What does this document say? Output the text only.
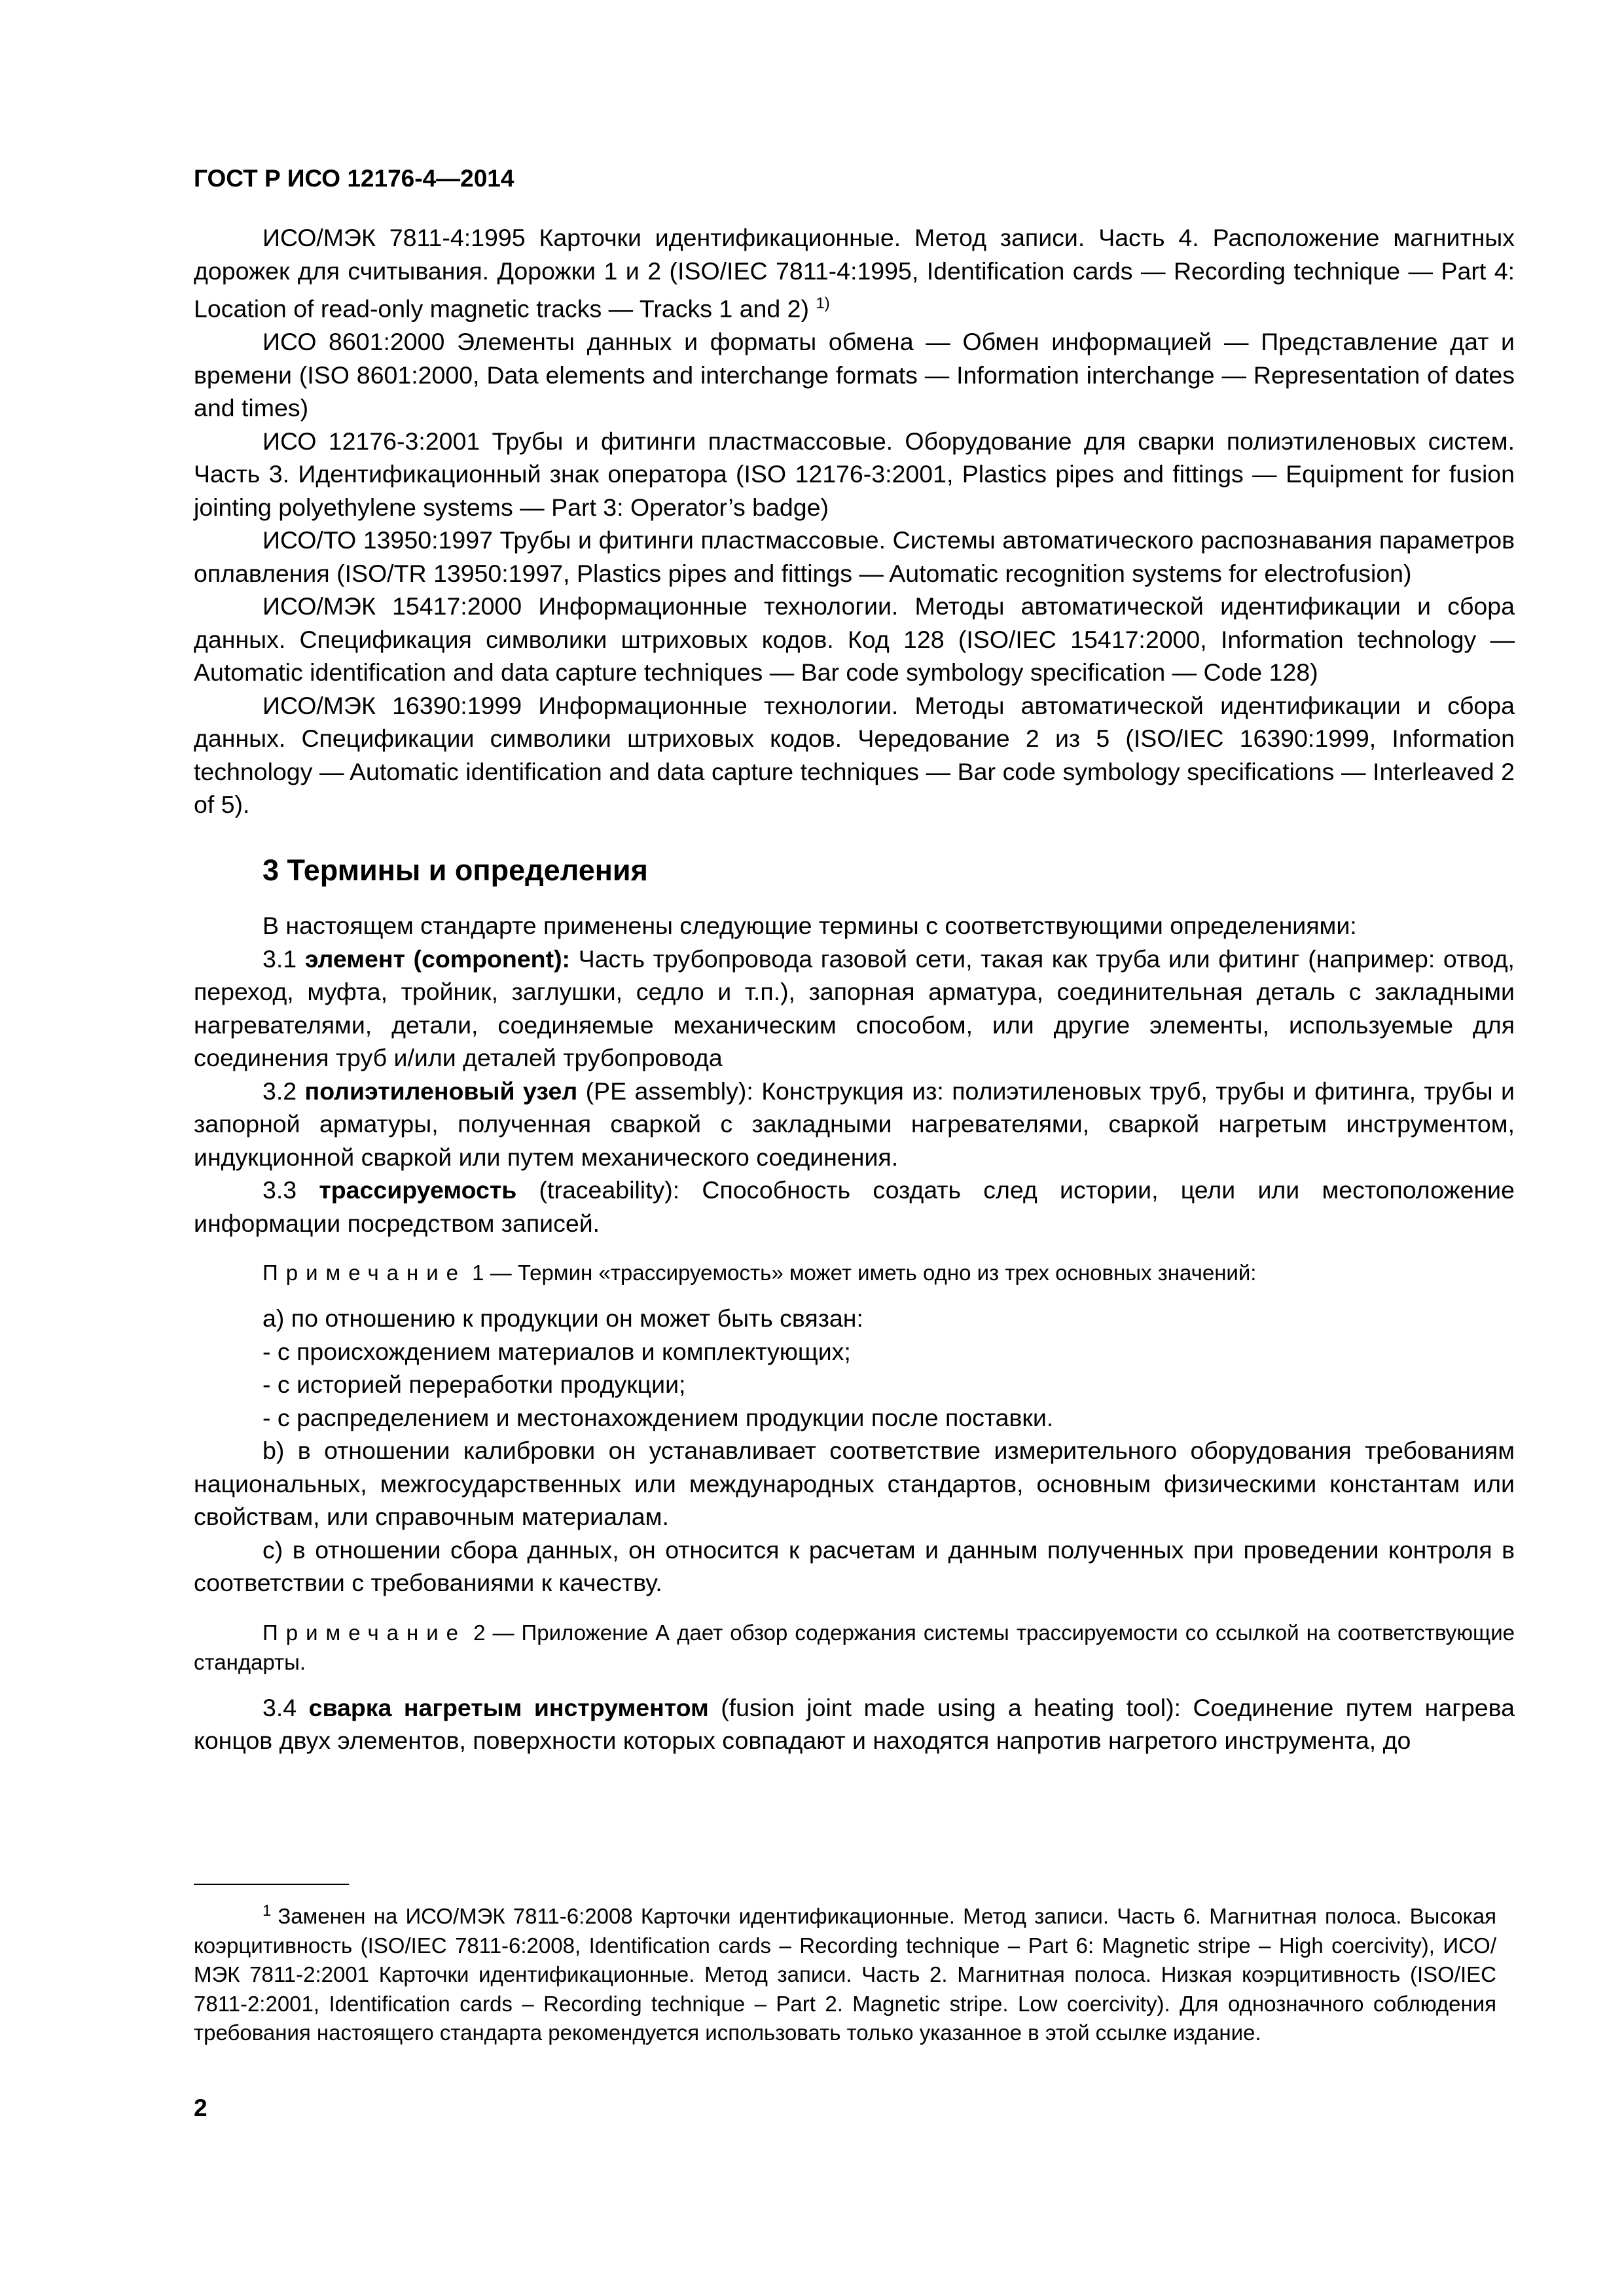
ГОСТ Р ИСО 12176-4—2014

ИСО/МЭК 7811-4:1995 Карточки идентификационные. Метод записи. Часть 4. Расположение магнитных дорожек для считывания. Дорожки 1 и 2 (ISO/IEC 7811-4:1995, Identification cards — Recording technique — Part 4: Location of read-only magnetic tracks — Tracks 1 and 2) $^{1)}$

ИСО 8601:2000 Элементы данных и форматы обмена — Обмен информацией — Представление дат и времени (ISO 8601:2000, Data elements and interchange formats — Information interchange — Representation of dates and times)

ИСО 12176-3:2001 Трубы и фитинги пластмассовые. Оборудование для сварки полиэтиленовых систем. Часть 3. Идентификационный знак оператора (ISO 12176-3:2001, Plastics pipes and fittings — Equipment for fusion jointing polyethylene systems — Part 3: Operator’s badge)

ИСО/ТО 13950:1997 Трубы и фитинги пластмассовые. Системы автоматического распознавания параметров оплавления (ISO/TR 13950:1997, Plastics pipes and fittings — Automatic recognition systems for electrofusion)

ИСО/МЭК 15417:2000 Информационные технологии. Методы автоматической идентификации и сбора данных. Спецификация символики штриховых кодов. Код 128 (ISO/IEC 15417:2000, Information technology — Automatic identification and data capture techniques — Bar code symbology specification — Code 128)

ИСО/МЭК 16390:1999 Информационные технологии. Методы автоматической идентификации и сбора данных. Спецификации символики штриховых кодов. Чередование 2 из 5 (ISO/IEC 16390:1999, Information technology — Automatic identification and data capture techniques — Bar code symbology specifications — Interleaved 2 of 5).

3 Термины и определения

В настоящем стандарте применены следующие термины с соответствующими определениями:

3.1 элемент (component): Часть трубопровода газовой сети, такая как труба или фитинг (например: отвод, переход, муфта, тройник, заглушки, седло и т.п.), запорная арматура, соединительная деталь с закладными нагревателями, детали, соединяемые механическим способом, или другие элементы, используемые для соединения труб и/или деталей трубопровода

3.2 полиэтиленовый узел (PE assembly): Конструкция из: полиэтиленовых труб, трубы и фитинга, трубы и запорной арматуры, полученная сваркой с закладными нагревателями, сваркой нагретым инструментом, индукционной сваркой или путем механического соединения.

3.3 трассируемость (traceability): Способность создать след истории, цели или местоположение информации посредством записей.

Примечание 1 — Термин «трассируемость» может иметь одно из трех основных значений:

а) по отношению к продукции он может быть связан:

- с происхождением материалов и комплектующих;

- с историей переработки продукции;

- с распределением и местонахождением продукции после поставки.

b) в отношении калибровки он устанавливает соответствие измерительного оборудования требованиям национальных, межгосударственных или международных стандартов, основным физическими константам или свойствам, или справочным материалам.

с) в отношении сбора данных, он относится к расчетам и данным полученных при проведении контроля в соответствии с требованиями к качеству.

Примечание 2 — Приложение А дает обзор содержания системы трассируемости со ссылкой на соответствующие стандарты.

3.4 сварка нагретым инструментом (fusion joint made using a heating tool): Соединение путем нагрева концов двух элементов, поверхности которых совпадают и находятся напротив нагретого инструмента, до

$^1$ Заменен на ИСО/МЭК 7811-6:2008 Карточки идентификационные. Метод записи. Часть 6. Магнитная полоса. Высокая коэрцитивность (ISO/IEC 7811-6:2008, Identification cards – Recording technique – Part 6: Magnetic stripe – High coercivity), ИСО/МЭК 7811-2:2001 Карточки идентификационные. Метод записи. Часть 2. Магнитная полоса. Низкая коэрцитивность (ISO/IEC 7811-2:2001, Identification cards – Recording technique – Part 2. Magnetic stripe. Low coercivity). Для однозначного соблюдения требования настоящего стандарта рекомендуется использовать только указанное в этой ссылке издание.
2
